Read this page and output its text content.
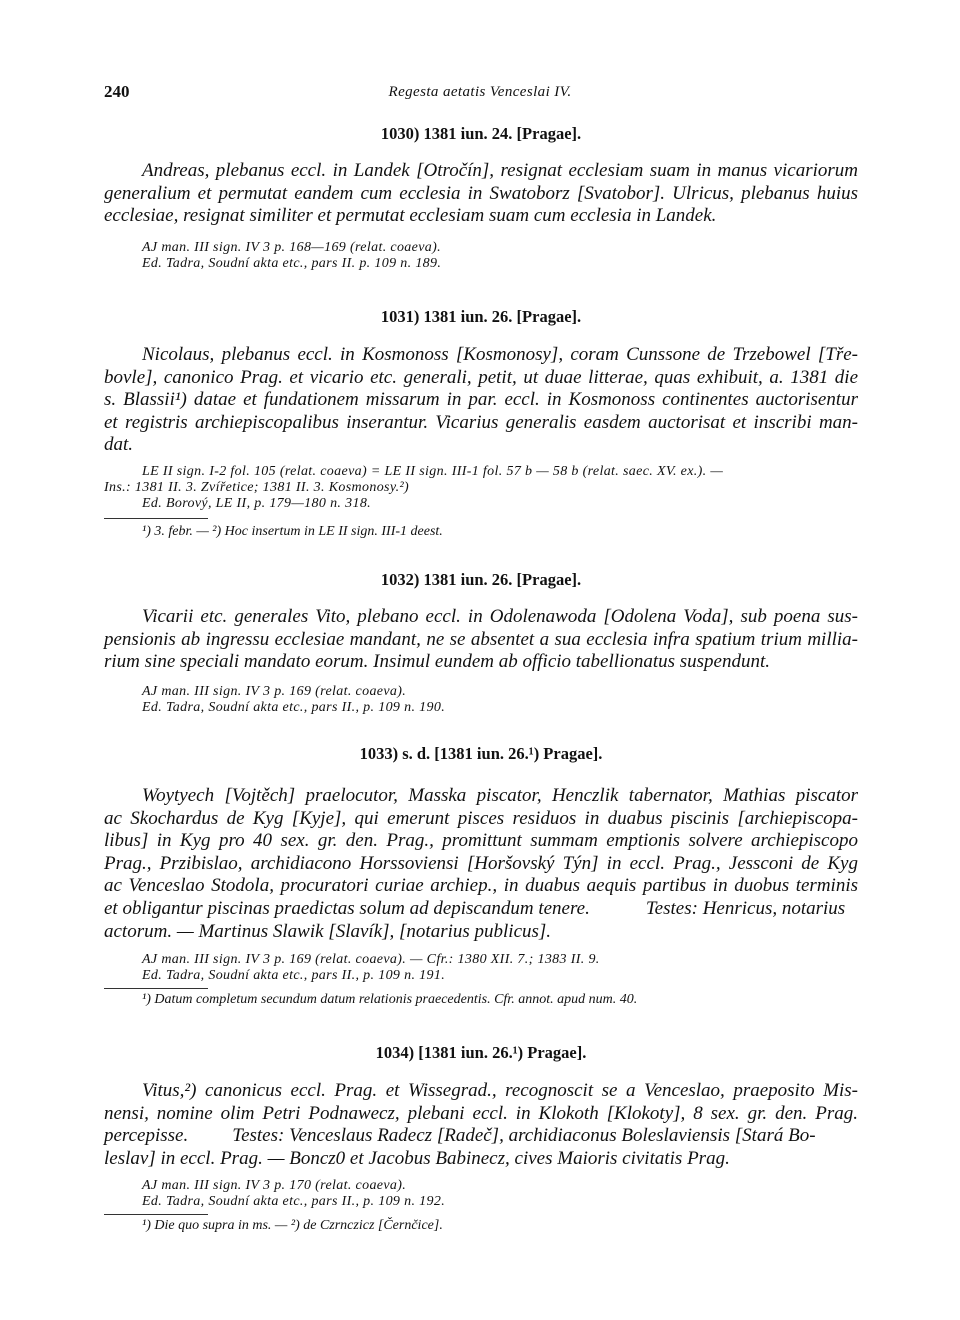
240	Regesta aetatis Venceslai IV.
1030) 1381 iun. 24. [Pragae].
Andreas, plebanus eccl. in Landek [Otročín], resignat ecclesiam suam in manus vicariorum
generalium et permutat eandem cum ecclesia in Swatoborz [Svatobor]. Ulricus, plebanus huius
ecclesiae, resignat similiter et permutat ecclesiam suam cum ecclesia in Landek.
AJ man. III sign. IV 3 p. 168—169 (relat. coaeva).
Ed. Tadra, Soudní akta etc., pars II. p. 109 n. 189.
1031) 1381 iun. 26. [Pragae].
Nicolaus, plebanus eccl. in Kosmonoss [Kosmonosy], coram Cunssone de Trzebowel [Tře-
bovle], canonico Prag. et vicario etc. generali, petit, ut duae litterae, quas exhibuit, a. 1381 die
s. Blassii¹) datae et fundationem missarum in par. eccl. in Kosmonoss continentes auctorisentur
et registris archiepiscopalibus inserantur. Vicarius generalis easdem auctorisat et inscribi man-
dat.
LE II sign. I-2 fol. 105 (relat. coaeva) = LE II sign. III-1 fol. 57 b — 58 b (relat. saec. XV. ex.). —
Ins.: 1381 II. 3. Zvířetice; 1381 II. 3. Kosmonosy.²)
Ed. Borový, LE II, p. 179—180 n. 318.
¹) 3. febr. — ²) Hoc insertum in LE II sign. III-1 deest.
1032) 1381 iun. 26. [Pragae].
Vicarii etc. generales Vito, plebano eccl. in Odolenawoda [Odolena Voda], sub poena sus-
pensionis ab ingressu ecclesiae mandant, ne se absentet a sua ecclesia infra spatium trium millia-
rium sine speciali mandato eorum. Insimul eundem ab officio tabellionatus suspendunt.
AJ man. III sign. IV 3 p. 169 (relat. coaeva).
Ed. Tadra, Soudní akta etc., pars II., p. 109 n. 190.
1033) s. d. [1381 iun. 26.¹) Pragae].
Woytyech [Vojtěch] praelocutor, Masska piscator, Henczlik tabernator, Mathias piscator
ac Skochardus de Kyg [Kyje], qui emerunt pisces residuos in duabus piscinis [archiepiscopa-
libus] in Kyg pro 40 sex. gr. den. Prag., promittunt summam emptionis solvere archiepiscopo
Prag., Przibislao, archidiacono Horssoviensi [Horšovský Týn] in eccl. Prag., Jessconi de Kyg
ac Venceslao Stodola, procuratori curiae archiep., in duabus aequis partibus in duobus terminis
et obligantur piscinas praedictas solum ad depiscandum tenere.	Testes: Henricus, notarius
actorum. — Martinus Slawik [Slavík], [notarius publicus].
AJ man. III sign. IV 3 p. 169 (relat. coaeva). — Cfr.: 1380 XII. 7.; 1383 II. 9.
Ed. Tadra, Soudní akta etc., pars II., p. 109 n. 191.
¹) Datum completum secundum datum relationis praecedentis. Cfr. annot. apud num. 40.
1034) [1381 iun. 26.¹) Pragae].
Vitus,²) canonicus eccl. Prag. et Wissegrad., recognoscit se a Venceslao, praeposito Mis-
nensi, nomine olim Petri Podnawecz, plebani eccl. in Klokoth [Klokoty], 8 sex. gr. den. Prag.
percepisse. Testes: Venceslaus Radecz [Radeč], archidiaconus Boleslaviensis [Stará Bo-
leslav] in eccl. Prag. — Boncz0 et Jacobus Babinecz, cives Maioris civitatis Prag.
AJ man. III sign. IV 3 p. 170 (relat. coaeva).
Ed. Tadra, Soudní akta etc., pars II., p. 109 n. 192.
¹) Die quo supra in ms. — ²) de Czrnczicz [Černčice].
